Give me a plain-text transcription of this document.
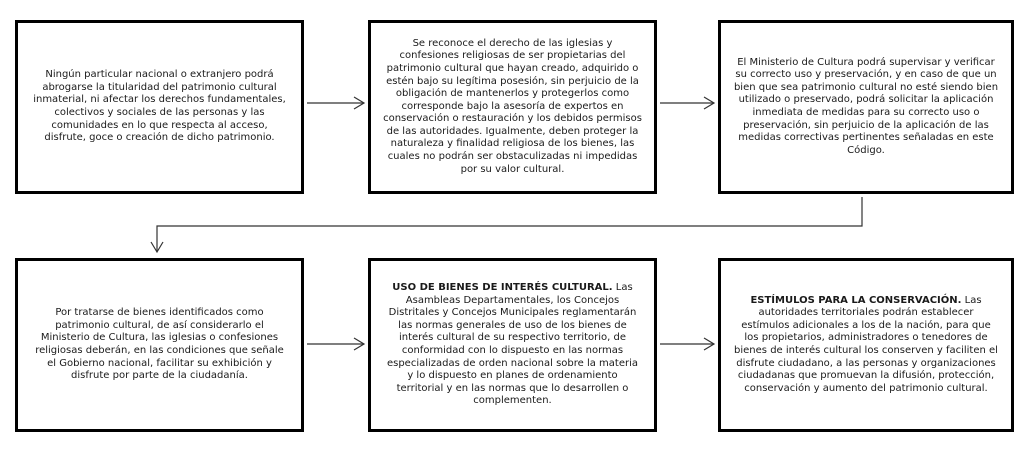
Ningún particular nacional o extranjero podrá abrogarse la titularidad del patrimonio cultural inmaterial, ni afectar los derechos fundamentales, colectivos y sociales de las personas y las comunidades en lo que respecta al acceso, disfrute, goce o creación de dicho patrimonio.

Se reconoce el derecho de las iglesias y confesiones religiosas de ser propietarias del patrimonio cultural que hayan creado, adquirido o estén bajo su legítima posesión, sin perjuicio de la obligación de mantenerlos y protegerlos como corresponde bajo la asesoría de expertos en conservación o restauración y los debidos permisos de las autoridades. Igualmente, deben proteger la naturaleza y finalidad religiosa de los bienes, las cuales no podrán ser obstaculizadas ni impedidas por su valor cultural.

El Ministerio de Cultura podrá supervisar y verificar su correcto uso y preservación, y en caso de que un bien que sea patrimonio cultural no esté siendo bien utilizado o preservado, podrá solicitar la aplicación inmediata de medidas para su correcto uso o preservación, sin perjuicio de la aplicación de las medidas correctivas pertinentes señaladas en este Código.

Por tratarse de bienes identificados como patrimonio cultural, de así considerarlo el Ministerio de Cultura, las iglesias o confesiones religiosas deberán, en las condiciones que señale el Gobierno nacional, facilitar su exhibición y disfrute por parte de la ciudadanía.

USO DE BIENES DE INTERÉS CULTURAL. Las Asambleas Departamentales, los Concejos Distritales y Concejos Municipales reglamentarán las normas generales de uso de los bienes de interés cultural de su respectivo territorio, de conformidad con lo dispuesto en las normas especializadas de orden nacional sobre la materia y lo dispuesto en planes de ordenamiento territorial y en las normas que lo desarrollen o complementen.

ESTÍMULOS PARA LA CONSERVACIÓN. Las autoridades territoriales podrán establecer estímulos adicionales a los de la nación, para que los propietarios, administradores o tenedores de bienes de interés cultural los conserven y faciliten el disfrute ciudadano, a las personas y organizaciones ciudadanas que promuevan la difusión, protección, conservación y aumento del patrimonio cultural.
